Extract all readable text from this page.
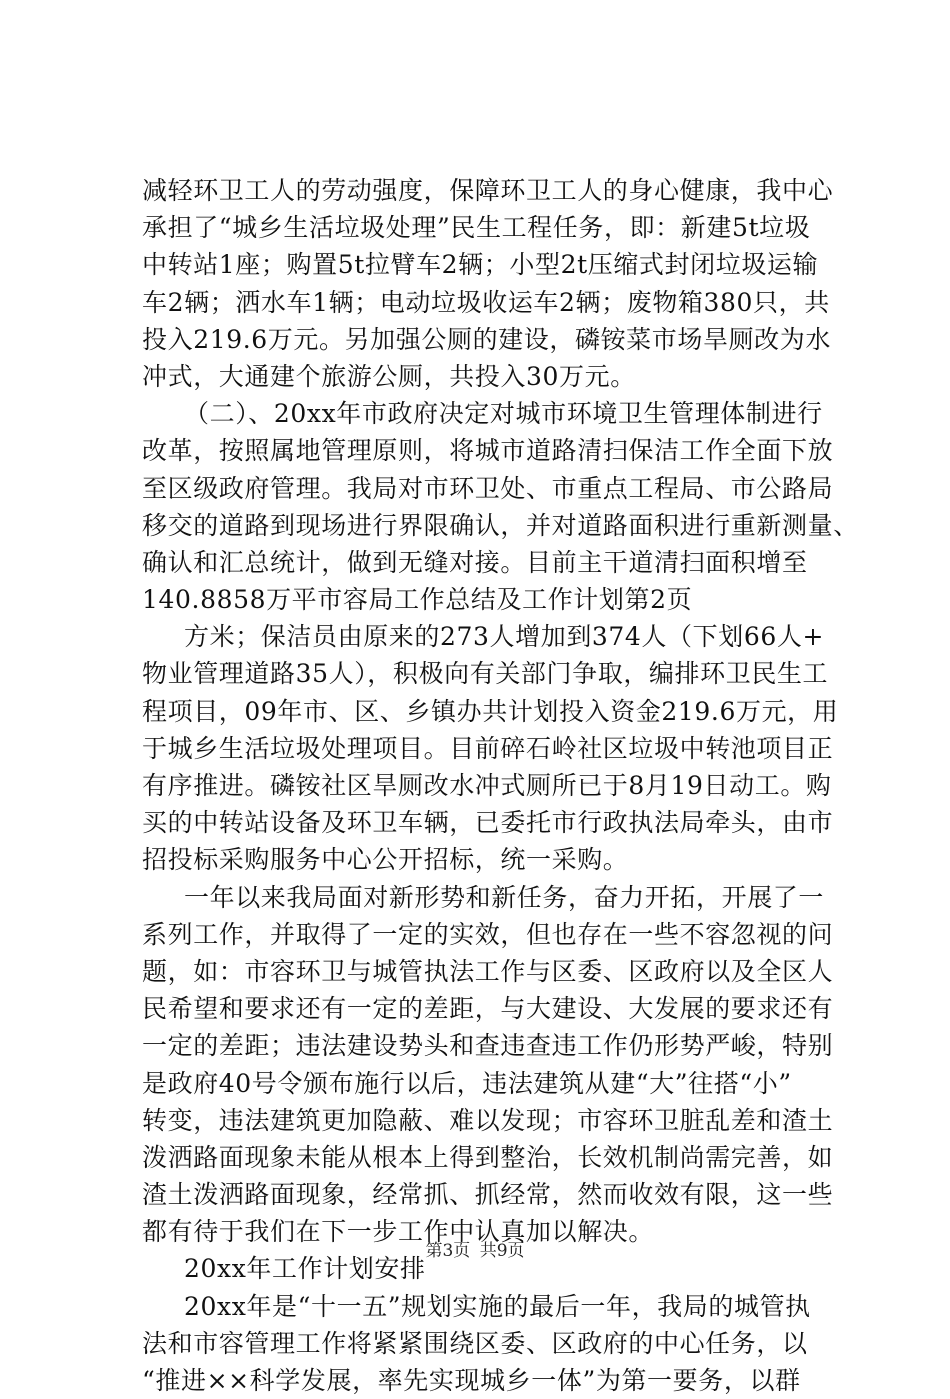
减轻环卫工人的劳动强度，保障环卫工人的身心健康，我中心
承担了“城乡生活垃圾处理”民生工程任务，即：新建5t垃圾
中转站1座；购置5t拉臂车2辆；小型2t压缩式封闭垃圾运输
车2辆；洒水车1辆；电动垃圾收运车2辆；废物箱380只，共
投入219.6万元。另加强公厕的建设，磷铵菜市场旱厕改为水
冲式，大通建个旅游公厕，共投入30万元。
（二）、20xx年市政府决定对城市环境卫生管理体制进行
改革，按照属地管理原则，将城市道路清扫保洁工作全面下放
至区级政府管理。我局对市环卫处、市重点工程局、市公路局
移交的道路到现场进行界限确认，并对道路面积进行重新测量、
确认和汇总统计，做到无缝对接。目前主干道清扫面积增至
140.8858万平市容局工作总结及工作计划第2页
方米；保洁员由原来的273人增加到374人（下划66人+
物业管理道路35人），积极向有关部门争取，编排环卫民生工
程项目，09年市、区、乡镇办共计划投入资金219.6万元，用
于城乡生活垃圾处理项目。目前碎石岭社区垃圾中转池项目正
有序推进。磷铵社区旱厕改水冲式厕所已于8月19日动工。购
买的中转站设备及环卫车辆，已委托市行政执法局牵头，由市
招投标采购服务中心公开招标，统一采购。
一年以来我局面对新形势和新任务，奋力开拓，开展了一
系列工作，并取得了一定的实效，但也存在一些不容忽视的问
题，如：市容环卫与城管执法工作与区委、区政府以及全区人
民希望和要求还有一定的差距，与大建设、大发展的要求还有
一定的差距；违法建设势头和查违查违工作仍形势严峻，特别
是政府40号令颁布施行以后，违法建筑从建“大”往搭“小”
转变，违法建筑更加隐蔽、难以发现；市容环卫脏乱差和渣土
泼洒路面现象未能从根本上得到整治，长效机制尚需完善，如
渣土泼洒路面现象，经常抓、抓经常，然而收效有限，这一些
都有待于我们在下一步工作中认真加以解决。
20xx年工作计划安排
20xx年是“十一五”规划实施的最后一年，我局的城管执
法和市容管理工作将紧紧围绕区委、区政府的中心任务，以
“推进××科学发展，率先实现城乡一体”为第一要务，以群
第3页 共9页
